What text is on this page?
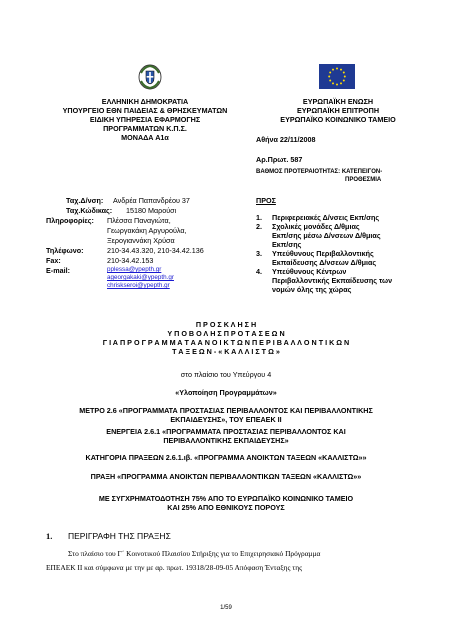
ΕΛΛΗΝΙΚΗ ΔΗΜΟΚΡΑΤΙΑ
ΥΠΟΥΡΓΕΙΟ ΕΘΝ ΠΑΙΔΕΙΑΣ & ΘΡΗΣΚΕΥΜΑΤΩΝ
ΕΙΔΙΚΗ ΥΠΗΡΕΣΙΑ ΕΦΑΡΜΟΓΗΣ
ΠΡΟΓΡΑΜΜΑΤΩΝ Κ.Π.Σ.
ΜΟΝΑΔΑ Α1α
ΕΥΡΩΠΑΪΚΗ ΕΝΩΣΗ
ΕΥΡΩΠΑΪΚΗ ΕΠΙΤΡΟΠΗ
ΕΥΡΩΠΑΪΚΟ ΚΟΙΝΩΝΙΚΟ ΤΑΜΕΙΟ
Αθήνα 22/11/2008
Αρ.Πρωτ. 587
ΒΑΘΜΟΣ ΠΡΟΤΕΡΑΙΟΤΗΤΑΣ: ΚΑΤΕΠΕΙΓΟΝ-
ΠΡΟΘΕΣΜΙΑ
Ταχ.Δ/νση: Ανδρέα Παπανδρέου 37
Ταχ.Κώδικας: 15180 Μαρούσι
Πληροφορίες: Πλέσσα Παναγιώτα,
Γεωργακάκη Αργυρούλα,
Ξερογιαννάκη Χρύσα
Τηλέφωνο:	210-34.43.320, 210-34.42.136
Fax:	210-34.42.153
E-mail:	pplessa@ypepth.gr
ageorgakaki@ypepth.gr
chriskseroi@ypepth.gr
ΠΡΟΣ
1.	Περιφερειακές Δ/νσεις Εκπ/σης
2.	Σχολικές μονάδες Δ/θμιας
Εκπ/σης μέσω Δ/νσεων Δ/θμιας
Εκπ/σης
3.	Υπεύθυνους Περιβαλλοντικής
Εκπαίδευσης Δ/νσεων Δ/θμιας
4.	Υπεύθυνους Κέντρων
Περιβαλλοντικής Εκπαίδευσης των
νομών όλης της χώρας
Π Ρ Ο Σ Κ Λ Η Σ Η
Υ Π Ο Β Ο Λ Η Σ Π Ρ Ο Τ Α Σ Ε Ω Ν
Γ Ι Α Π Ρ Ο Γ Ρ Α Μ Μ Α Τ Α Α Ν Ο Ι Κ Τ Ω Ν Π Ε Ρ Ι Β Α Λ Λ Ο Ν Τ Ι Κ Ω Ν
Τ Α Ξ Ε Ω Ν - « Κ Α Λ Λ Ι Σ Τ Ω »
στο πλαίσιο του Υπεύργου 4
«Υλοποίηση Προγραμμάτων»
ΜΕΤΡΟ 2.6 «ΠΡΟΓΡΑΜΜΑΤΑ ΠΡΟΣΤΑΣΙΑΣ ΠΕΡΙΒΑΛΛΟΝΤΟΣ ΚΑΙ ΠΕΡΙΒΑΛΛΟΝΤΙΚΗΣ
ΕΚΠΑΙΔΕΥΣΗΣ», ΤΟΥ ΕΠΕΑΕΚ ΙΙ
ΕΝΕΡΓΕΙΑ 2.6.1 «ΠΡΟΓΡΑΜΜΑΤΑ ΠΡΟΣΤΑΣΙΑΣ ΠΕΡΙΒΑΛΛΟΝΤΟΣ ΚΑΙ
ΠΕΡΙΒΑΛΛΟΝΤΙΚΗΣ ΕΚΠΑΙΔΕΥΣΗΣ»
ΚΑΤΗΓΟΡΙΑ ΠΡΑΞΕΩΝ 2.6.1.ιβ. «ΠΡΟΓΡΑΜΜΑ ΑΝΟΙΚΤΩΝ ΤΑΞΕΩΝ «ΚΑΛΛΙΣΤΩ»»
ΠΡΑΞΗ «ΠΡΟΓΡΑΜΜΑ ΑΝΟΙΚΤΩΝ ΠΕΡΙΒΑΛΛΟΝΤΙΚΩΝ ΤΑΞΕΩΝ «ΚΑΛΛΙΣΤΩ»»
ΜΕ ΣΥΓΧΡΗΜΑΤΟΔΟΤΗΣΗ 75% ΑΠΟ ΤΟ ΕΥΡΩΠΑΪΚΟ ΚΟΙΝΩΝΙΚΟ ΤΑΜΕΙΟ
ΚΑΙ 25% ΑΠΟ ΕΘΝΙΚΟΥΣ ΠΟΡΟΥΣ
1. ΠΕΡΙΓΡΑΦΗ ΤΗΣ ΠΡΑΞΗΣ
Στο πλαίσιο του Γ΄ Κοινοτικού Πλαισίου Στήριξης για το Επιχειρησιακό Πρόγραμμα
ΕΠΕΑΕΚ ΙΙ και σύμφωνα με την με αρ. πρωτ. 19318/28-09-05 Απόφαση Ένταξης της
1/59
